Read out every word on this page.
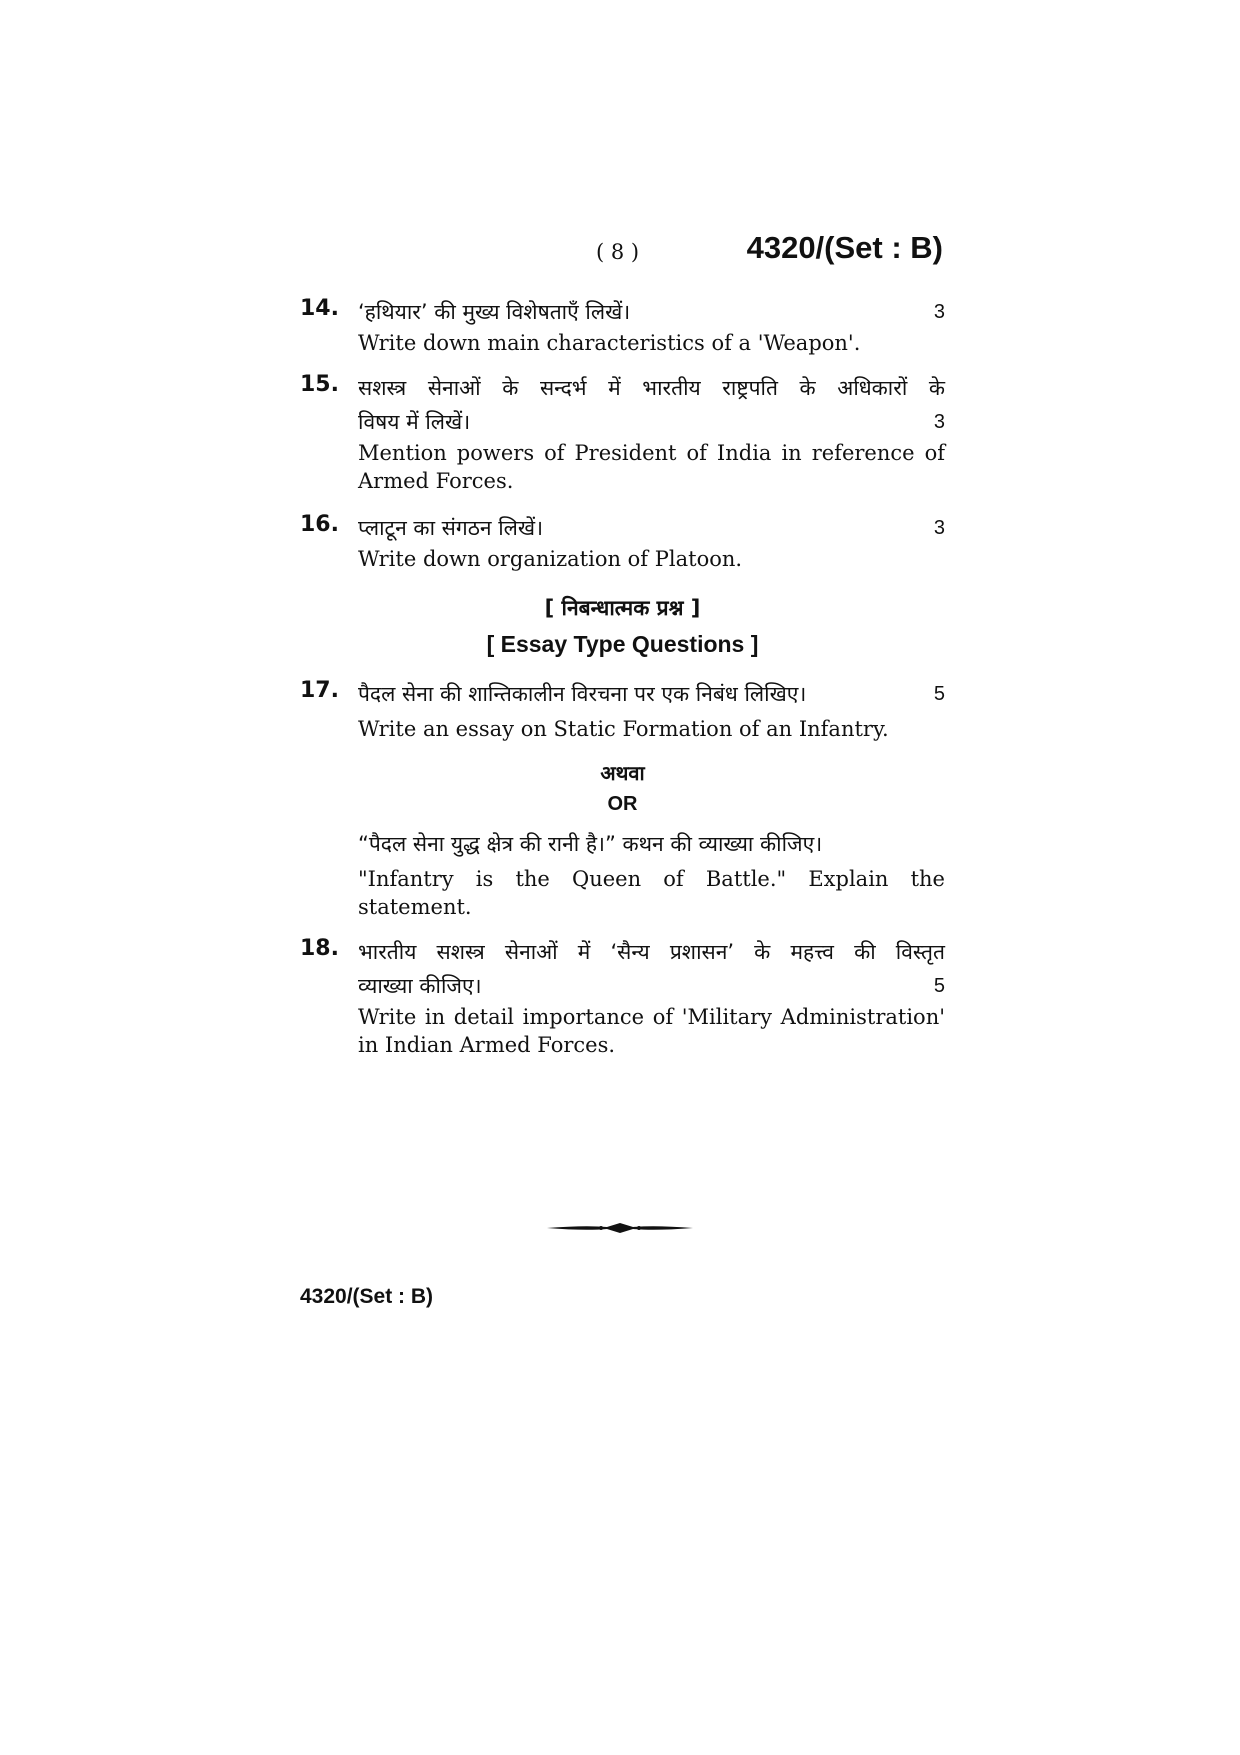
( 8 )	4320/(Set : B)
14. ‘हथियार’ की मुख्य विशेषताएँ लिखें।	3
Write down main characteristics of a 'Weapon'.
15. सशस्त्र सेनाओं के सन्दर्भ में भारतीय राष्ट्रपति के अधिकारों के
विषय में लिखें।	3
Mention powers of President of India in reference of Armed Forces.
16. प्लाटून का संगठन लिखें।	3
Write down organization of Platoon.
[ निबन्धात्मक प्रश्न ]
[ Essay Type Questions ]
17. पैदल सेना की शान्तिकालीन विरचना पर एक निबंध लिखिए।	5
Write an essay on Static Formation of an Infantry.
अथवा
OR
“पैदल सेना युद्ध क्षेत्र की रानी है।” कथन की व्याख्या कीजिए।
"Infantry is the Queen of Battle." Explain the statement.
18. भारतीय सशस्त्र सेनाओं में ‘सैन्य प्रशासन’ के महत्त्व की विस्तृत
व्याख्या कीजिए।	5
Write in detail importance of 'Military Administration' in Indian Armed Forces.
4320/(Set : B)
